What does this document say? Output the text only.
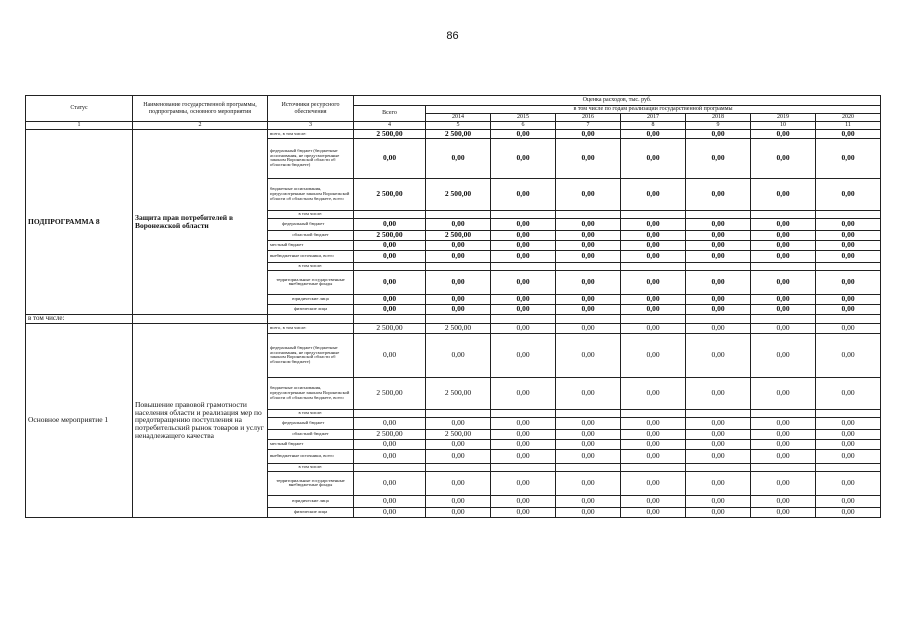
86
Статус	Наименование государственной программы, подпрограммы, основного мероприятия	Источники ресурсного обеспечения	Оценка расходов, тыс. руб.							
			Всего	в том числе по годам реализации государственной программы						
				2014	2015	2016	2017	2018	2019	2020
1	2	3	4	5	6	7	8	9	10	11
ПОДПРОГРАММА 8	Защита прав потребителей в Воронежской области	всего, в том числе:	2 500,00	2 500,00	0,00	0,00	0,00	0,00	0,00	0,00
		федеральный бюджет (бюджетные ассигнования, не предусмотренные законом Воронежской области об областном бюджете)	0,00	0,00	0,00	0,00	0,00	0,00	0,00	0,00
		бюджетные ассигнования, предусмотренные законом Воронежской области об областном бюджете, всего	2 500,00	2 500,00	0,00	0,00	0,00	0,00	0,00	0,00
		в том числе:								
		федеральный бюджет	0,00	0,00	0,00	0,00	0,00	0,00	0,00	0,00
		областной бюджет	2 500,00	2 500,00	0,00	0,00	0,00	0,00	0,00	0,00
		местный бюджет	0,00	0,00	0,00	0,00	0,00	0,00	0,00	0,00
		внебюджетные источники, всего	0,00	0,00	0,00	0,00	0,00	0,00	0,00	0,00
		в том числе:								
		территориальные государственные внебюджетные фонды	0,00	0,00	0,00	0,00	0,00	0,00	0,00	0,00
		юридические лица	0,00	0,00	0,00	0,00	0,00	0,00	0,00	0,00
		физические лица	0,00	0,00	0,00	0,00	0,00	0,00	0,00	0,00
в том числе:										
Основное мероприятие 1	Повышение правовой грамотности населения области и реализация мер по предотвращению поступления на потребительский рынок товаров и услуг ненадлежащего качества	всего, в том числе:	2 500,00	2 500,00	0,00	0,00	0,00	0,00	0,00	0,00
		федеральный бюджет (бюджетные ассигнования, не предусмотренные законом Воронежской области об областном бюджете)	0,00	0,00	0,00	0,00	0,00	0,00	0,00	0,00
		бюджетные ассигнования, предусмотренные законом Воронежской области об областном бюджете, всего	2 500,00	2 500,00	0,00	0,00	0,00	0,00	0,00	0,00
		в том числе:								
		федеральный бюджет	0,00	0,00	0,00	0,00	0,00	0,00	0,00	0,00
		областной бюджет	2 500,00	2 500,00	0,00	0,00	0,00	0,00	0,00	0,00
		местный бюджет	0,00	0,00	0,00	0,00	0,00	0,00	0,00	0,00
		внебюджетные источники, всего	0,00	0,00	0,00	0,00	0,00	0,00	0,00	0,00
		в том числе:								
		территориальные государственные внебюджетные фонды	0,00	0,00	0,00	0,00	0,00	0,00	0,00	0,00
		юридические лица	0,00	0,00	0,00	0,00	0,00	0,00	0,00	0,00
		физические лица	0,00	0,00	0,00	0,00	0,00	0,00	0,00	0,00
